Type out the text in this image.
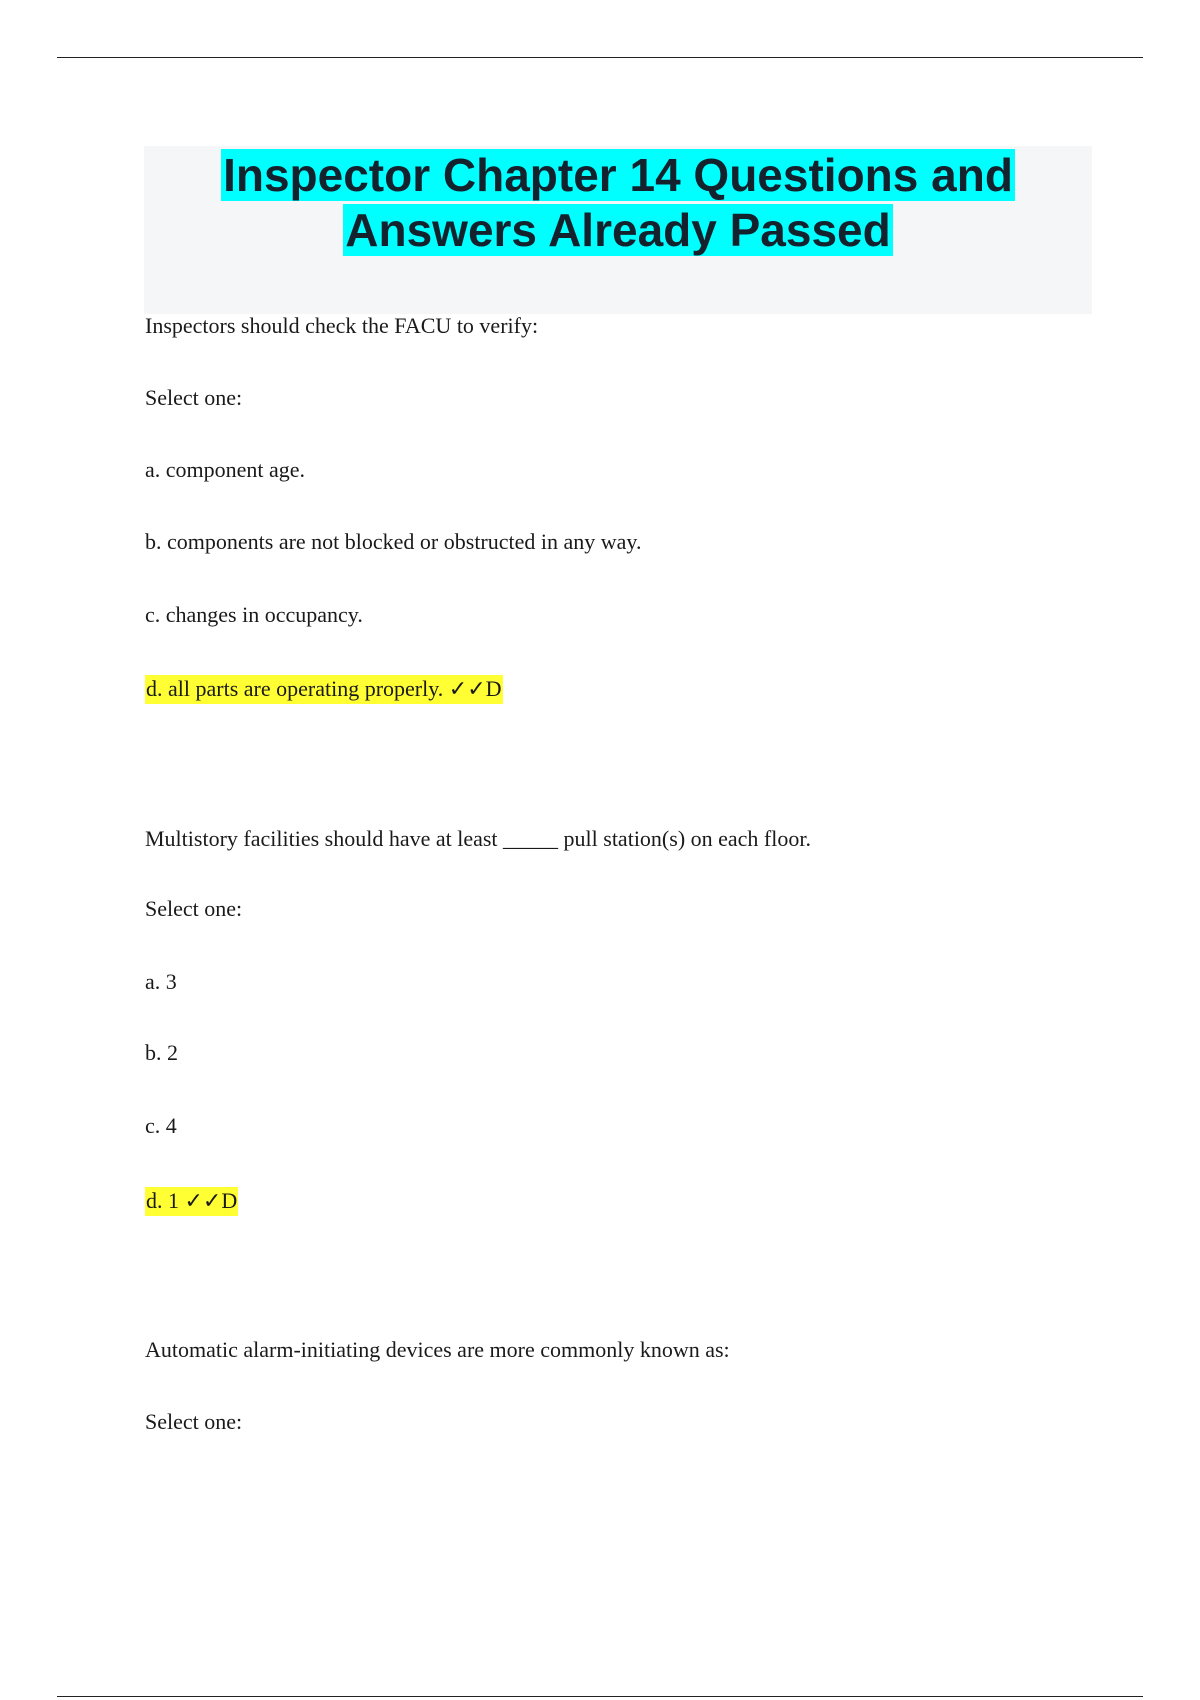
Inspector Chapter 14 Questions and
Answers Already Passed

Inspectors should check the FACU to verify:

Select one:

a. component age.

b. components are not blocked or obstructed in any way.

c. changes in occupancy.

d. all parts are operating properly. ✓✓D

Multistory facilities should have at least _____ pull station(s) on each floor.

Select one:

a. 3

b. 2

c. 4

d. 1 ✓✓D

Automatic alarm-initiating devices are more commonly known as:

Select one:
